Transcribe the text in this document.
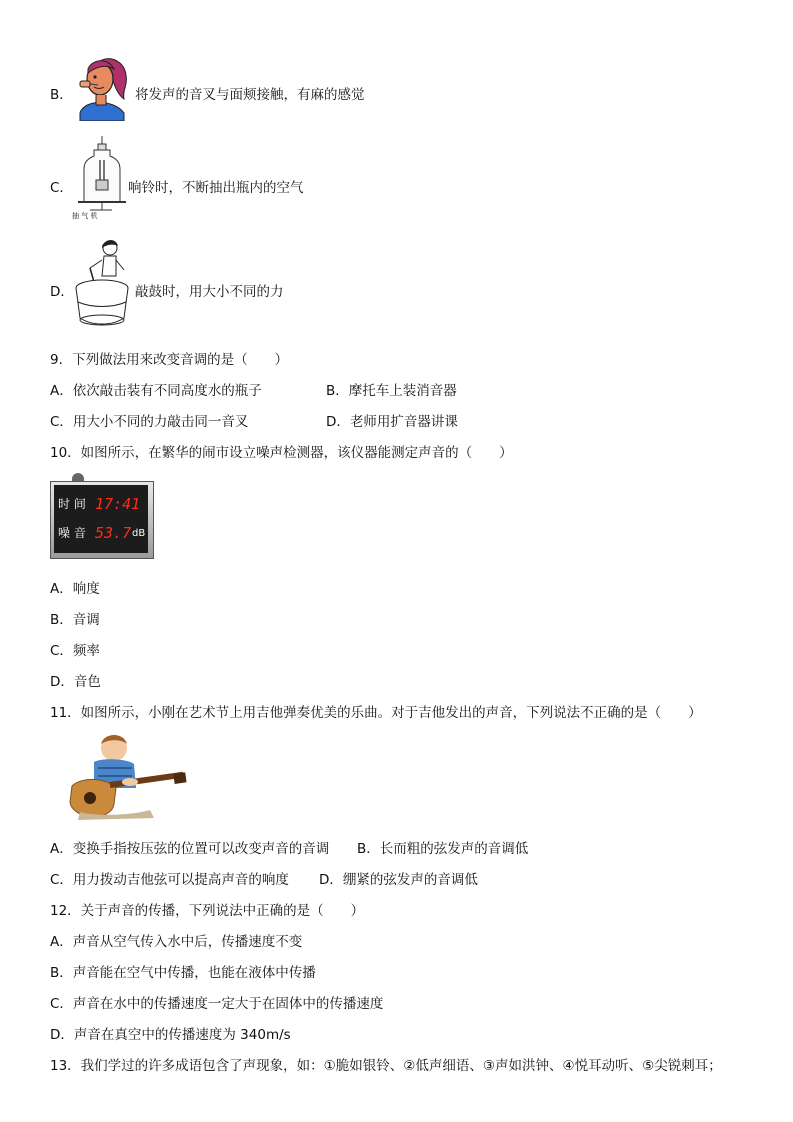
B．	将发声的音叉与面颊接触，有麻的感觉
C．
抽 气 机
响铃时，不断抽出瓶内的空气
D．	敲鼓时，用大小不同的力
9．下列做法用来改变音调的是（　　）
A．依次敲击装有不同高度水的瓶子	B．摩托车上装消音器
C．用大小不同的力敲击同一音叉	D．老师用扩音器讲课
10．如图所示，在繁华的闹市设立噪声检测器，该仪器能测定声音的（　　）
时 间 17:41
噪 音 53.7 dB
A．响度
B．音调
C．频率
D．音色
11．如图所示，小刚在艺术节上用吉他弹奏优美的乐曲。对于吉他发出的声音，下列说法不正确的是（　　）
A．变换手指按压弦的位置可以改变声音的音调 B．长而粗的弦发声的音调低
C．用力拨动吉他弦可以提高声音的响度 D．绷紧的弦发声的音调低
12．关于声音的传播，下列说法中正确的是（　　）
A．声音从空气传入水中后，传播速度不变
B．声音能在空气中传播，也能在液体中传播
C．声音在水中的传播速度一定大于在固体中的传播速度
D．声音在真空中的传播速度为 340m/s
13．我们学过的许多成语包含了声现象，如：①脆如银铃、②低声细语、③声如洪钟、④悦耳动听、⑤尖锐刺耳；
